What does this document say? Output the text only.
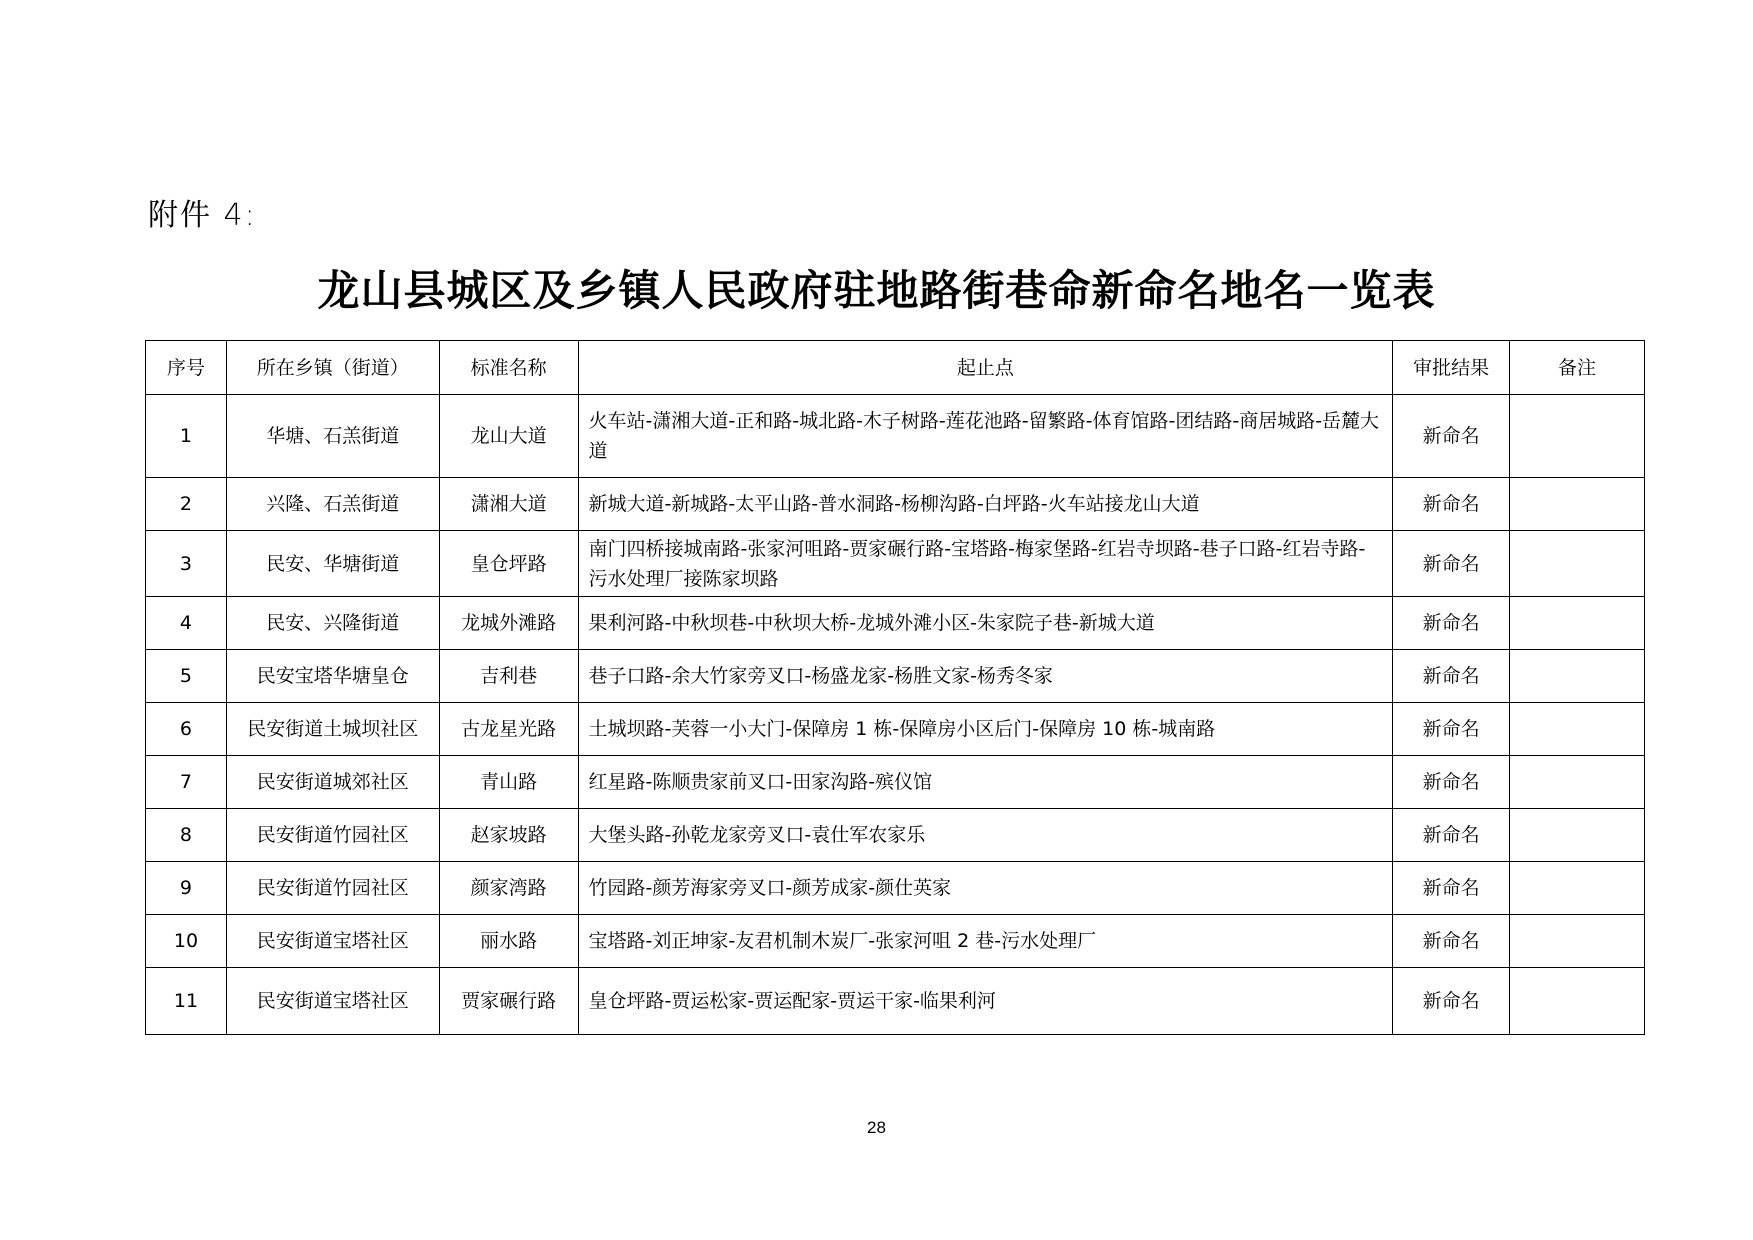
附件 4:
龙山县城区及乡镇人民政府驻地路街巷命新命名地名一览表
序号	所在乡镇（街道）	标准名称	起止点	审批结果	备注
1	华塘、石羔街道	龙山大道	火车站-潇湘大道-正和路-城北路-木子树路-莲花池路-留繁路-体育馆路-团结路-商居城路-岳麓大道	新命名	
2	兴隆、石羔街道	潇湘大道	新城大道-新城路-太平山路-普水洞路-杨柳沟路-白坪路-火车站接龙山大道	新命名	
3	民安、华塘街道	皇仓坪路	南门四桥接城南路-张家河咀路-贾家碾行路-宝塔路-梅家堡路-红岩寺坝路-巷子口路-红岩寺路-污水处理厂接陈家坝路	新命名	
4	民安、兴隆街道	龙城外滩路	果利河路-中秋坝巷-中秋坝大桥-龙城外滩小区-朱家院子巷-新城大道	新命名	
5	民安宝塔华塘皇仓	吉利巷	巷子口路-余大竹家旁叉口-杨盛龙家-杨胜文家-杨秀冬家	新命名	
6	民安街道土城坝社区	古龙星光路	土城坝路-芙蓉一小大门-保障房 1 栋-保障房小区后门-保障房 10 栋-城南路	新命名	
7	民安街道城郊社区	青山路	红星路-陈顺贵家前叉口-田家沟路-殡仪馆	新命名	
8	民安街道竹园社区	赵家坡路	大堡头路-孙乾龙家旁叉口-袁仕军农家乐	新命名	
9	民安街道竹园社区	颜家湾路	竹园路-颜芳海家旁叉口-颜芳成家-颜仕英家	新命名	
10	民安街道宝塔社区	丽水路	宝塔路-刘正坤家-友君机制木炭厂-张家河咀 2 巷-污水处理厂	新命名	
11	民安街道宝塔社区	贾家碾行路	皇仓坪路-贾运松家-贾运配家-贾运干家-临果利河	新命名	
28
